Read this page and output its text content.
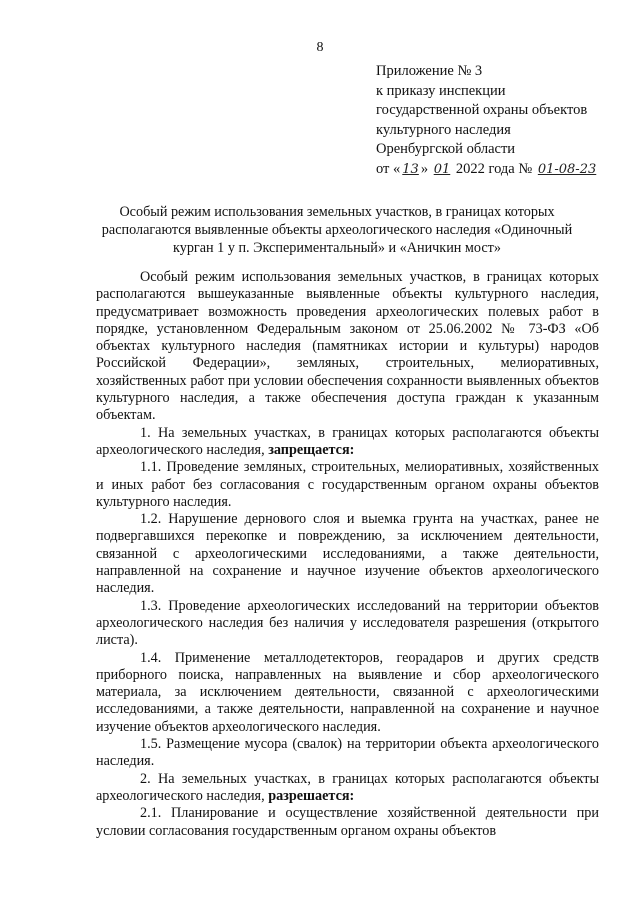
8
Приложение № 3
к приказу инспекции
государственной охраны объектов
культурного наследия
Оренбургской области
от « 13 » 01 2022 года № 01-08-23
Особый режим использования земельных участков, в границах которых располагаются выявленные объекты археологического наследия «Одиночный курган 1 у п. Экспериментальный» и «Аничкин мост»

Особый режим использования земельных участков, в границах которых располагаются вышеуказанные выявленные объекты культурного наследия, предусматривает возможность проведения археологических полевых работ в порядке, установленном Федеральным законом от 25.06.2002 № 73-ФЗ «Об объектах культурного наследия (памятниках истории и культуры) народов Российской Федерации», земляных, строительных, мелиоративных, хозяйственных работ при условии обеспечения сохранности выявленных объектов культурного наследия, а также обеспечения доступа граждан к указанным объектам.

1. На земельных участках, в границах которых располагаются объекты археологического наследия, запрещается:

1.1. Проведение земляных, строительных, мелиоративных, хозяйственных и иных работ без согласования с государственным органом охраны объектов культурного наследия.

1.2. Нарушение дернового слоя и выемка грунта на участках, ранее не подвергавшихся перекопке и повреждению, за исключением деятельности, связанной с археологическими исследованиями, а также деятельности, направленной на сохранение и научное изучение объектов археологического наследия.

1.3. Проведение археологических исследований на территории объектов археологического наследия без наличия у исследователя разрешения (открытого листа).

1.4. Применение металлодетекторов, георадаров и других средств приборного поиска, направленных на выявление и сбор археологического материала, за исключением деятельности, связанной с археологическими исследованиями, а также деятельности, направленной на сохранение и научное изучение объектов археологического наследия.

1.5. Размещение мусора (свалок) на территории объекта археологического наследия.

2. На земельных участках, в границах которых располагаются объекты археологического наследия, разрешается:

2.1. Планирование и осуществление хозяйственной деятельности при условии согласования государственным органом охраны объектов
